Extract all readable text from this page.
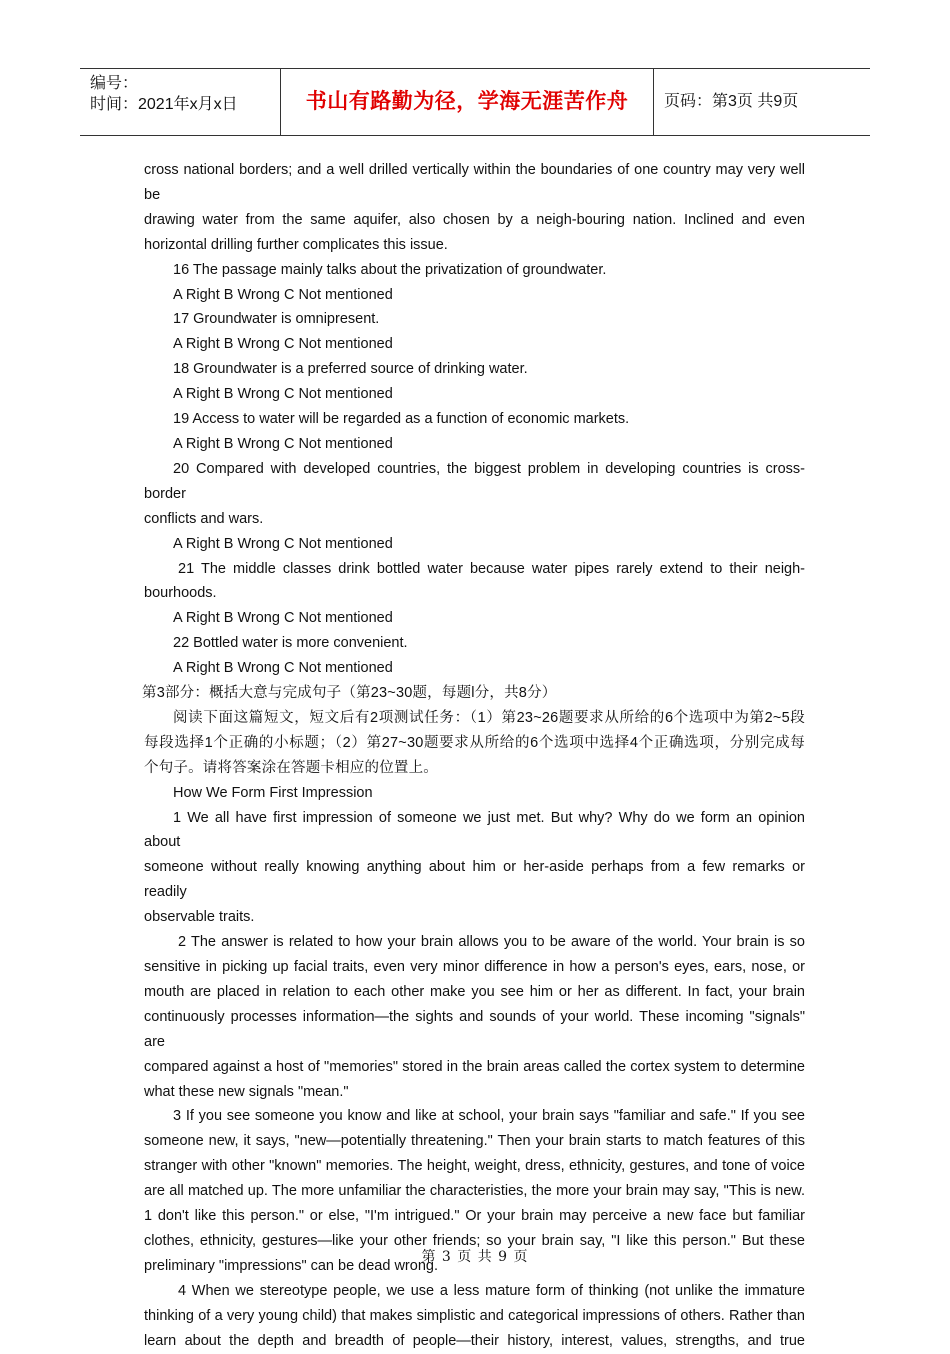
编号：
时间：2021年x月x日	书山有路勤为径，学海无涯苦作舟	页码：第3页 共9页

cross national borders; and a well drilled vertically within the boundaries of one country may very well be

drawing water from the same aquifer, also chosen by a neigh-bouring nation. Inclined and even

horizontal drilling further complicates this issue.

16 The passage mainly talks about the privatization of groundwater.

A Right B Wrong C Not mentioned

17 Groundwater is omnipresent.

A Right B Wrong C Not mentioned

18 Groundwater is a preferred source of drinking water.

A Right B Wrong C Not mentioned

19 Access to water will be regarded as a function of economic markets.

A Right B Wrong C Not mentioned

20 Compared with developed countries, the biggest problem in developing countries is cross-border

conflicts and wars.

A Right B Wrong C Not mentioned

21 The middle classes drink bottled water because water pipes rarely extend to their neigh-

bourhoods.

A Right B Wrong C Not mentioned

22 Bottled water is more convenient.

A Right B Wrong C Not mentioned

第3部分：概括大意与完成句子（第23~30题，每题l分，共8分）

阅读下面这篇短文，短文后有2项测试任务：（1）第23~26题要求从所给的6个选项中为第2~5段

每段选择1个正确的小标题；（2）第27~30题要求从所给的6个选项中选择4个正确选项，分别完成每

个句子。请将答案涂在答题卡相应的位置上。

How We Form First Impression

1 We all have first impression of someone we just met. But why? Why do we form an opinion about

someone without really knowing anything about him or her-aside perhaps from a few remarks or readily

observable traits.

2 The answer is related to how your brain allows you to be aware of the world. Your brain is so

sensitive in picking up facial traits, even very minor difference in how a person's eyes, ears, nose, or

mouth are placed in relation to each other make you see him or her as different. In fact, your brain

continuously processes information—the sights and sounds of your world. These incoming "signals" are

compared against a host of "memories" stored in the brain areas called the cortex system to determine

what these new signals "mean."

3 If you see someone you know and like at school, your brain says "familiar and safe." If you see

someone new, it says, "new—potentially threatening." Then your brain starts to match features of this

stranger with other "known" memories. The height, weight, dress, ethnicity, gestures, and tone of voice

are all matched up. The more unfamiliar the characteristies, the more your brain may say, "This is new.

1 don't like this person." or else, "I'm intrigued." Or your brain may perceive a new face but familiar

clothes, ethnicity, gestures—like your other friends; so your brain say, "I like this person." But these

preliminary "impressions" can be dead wrong.

4 When we stereotype people, we use a less mature form of thinking (not unlike the immature

thinking of a very young child) that makes simplistic and categorical impressions of others. Rather than

learn about the depth and breadth of people—their history, interest, values, strengths, and true

第 3 页 共 9 页
